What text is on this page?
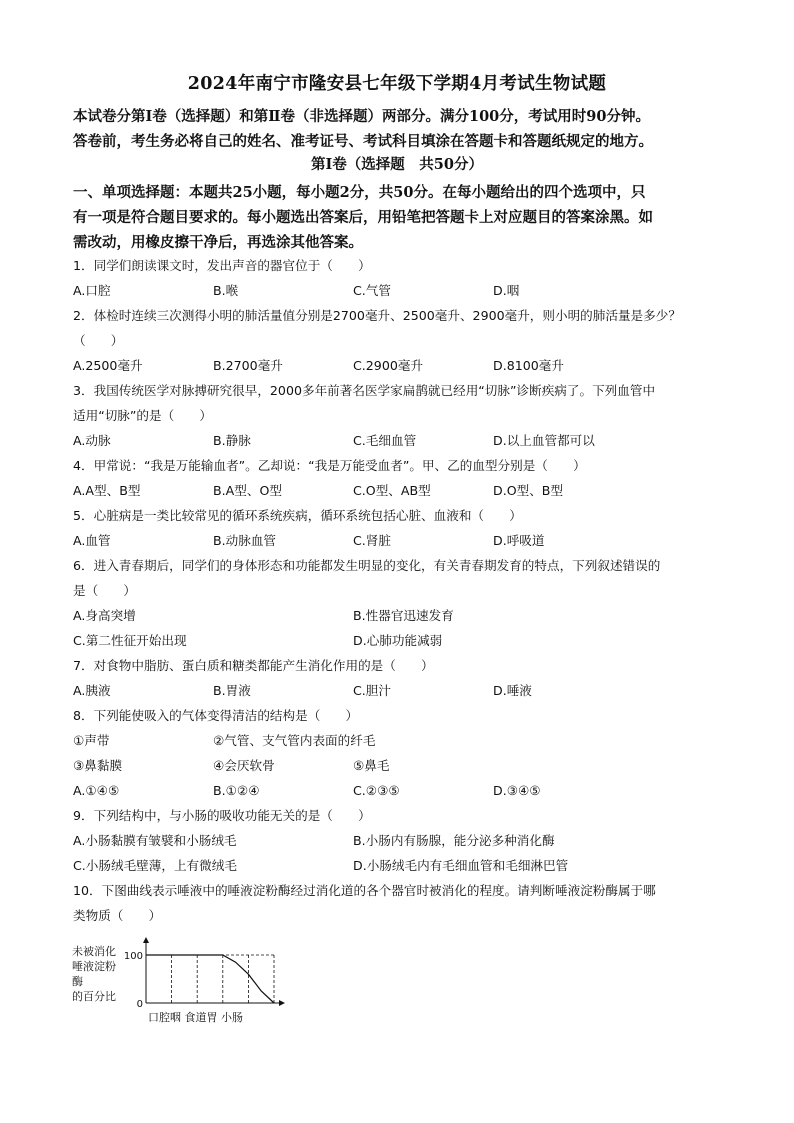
2024年南宁市隆安县七年级下学期4月考试生物试题
本试卷分第Ⅰ卷（选择题）和第Ⅱ卷（非选择题）两部分。满分100分，考试用时90分钟。
答卷前，考生务必将自己的姓名、准考证号、考试科目填涂在答题卡和答题纸规定的地方。
第Ⅰ卷（选择题　共50分）
一、单项选择题：本题共25小题，每小题2分，共50分。在每小题给出的四个选项中，只
有一项是符合题目要求的。每小题选出答案后，用铅笔把答题卡上对应题目的答案涂黑。如
需改动，用橡皮擦干净后，再选涂其他答案。
1．同学们朗读课文时，发出声音的器官位于（　　）
A.口腔	B.喉	C.气管	D.咽
2．体检时连续三次测得小明的肺活量值分别是2700毫升、2500毫升、2900毫升，则小明的肺活量是多少？
（　　）
A.2500毫升	B.2700毫升	C.2900毫升	D.8100毫升
3．我国传统医学对脉搏研究很早，2000多年前著名医学家扁鹊就已经用“切脉”诊断疾病了。下列血管中
适用“切脉”的是（　　）
A.动脉	B.静脉	C.毛细血管	D.以上血管都可以
4．甲常说：“我是万能输血者”。乙却说：“我是万能受血者”。甲、乙的血型分别是（　　）
A.A型、B型	B.A型、O型	C.O型、AB型	D.O型、B型
5．心脏病是一类比较常见的循环系统疾病，循环系统包括心脏、血液和（　　）
A.血管	B.动脉血管	C.肾脏	D.呼吸道
6．进入青春期后，同学们的身体形态和功能都发生明显的变化，有关青春期发育的特点，下列叙述错误的
是（　　）
A.身高突增	B.性器官迅速发育
C.第二性征开始出现	D.心肺功能减弱
7．对食物中脂肪、蛋白质和糖类都能产生消化作用的是（　　）
A.胰液	B.胃液	C.胆汁	D.唾液
8．下列能使吸入的气体变得清洁的结构是（　　）
①声带	②气管、支气管内表面的纤毛
③鼻黏膜	④会厌软骨	⑤鼻毛
A.①④⑤	B.①②④	C.②③⑤	D.③④⑤
9．下列结构中，与小肠的吸收功能无关的是（　　）
A.小肠黏膜有皱襞和小肠绒毛	B.小肠内有肠腺，能分泌多种消化酶
C.小肠绒毛壁薄，上有微绒毛	D.小肠绒毛内有毛细血管和毛细淋巴管
10．下图曲线表示唾液中的唾液淀粉酶经过消化道的各个器官时被消化的程度。请判断唾液淀粉酶属于哪
类物质（　　）
未被消化
唾液淀粉
酶
的百分比
100
0
口腔咽 食道胃 小肠
